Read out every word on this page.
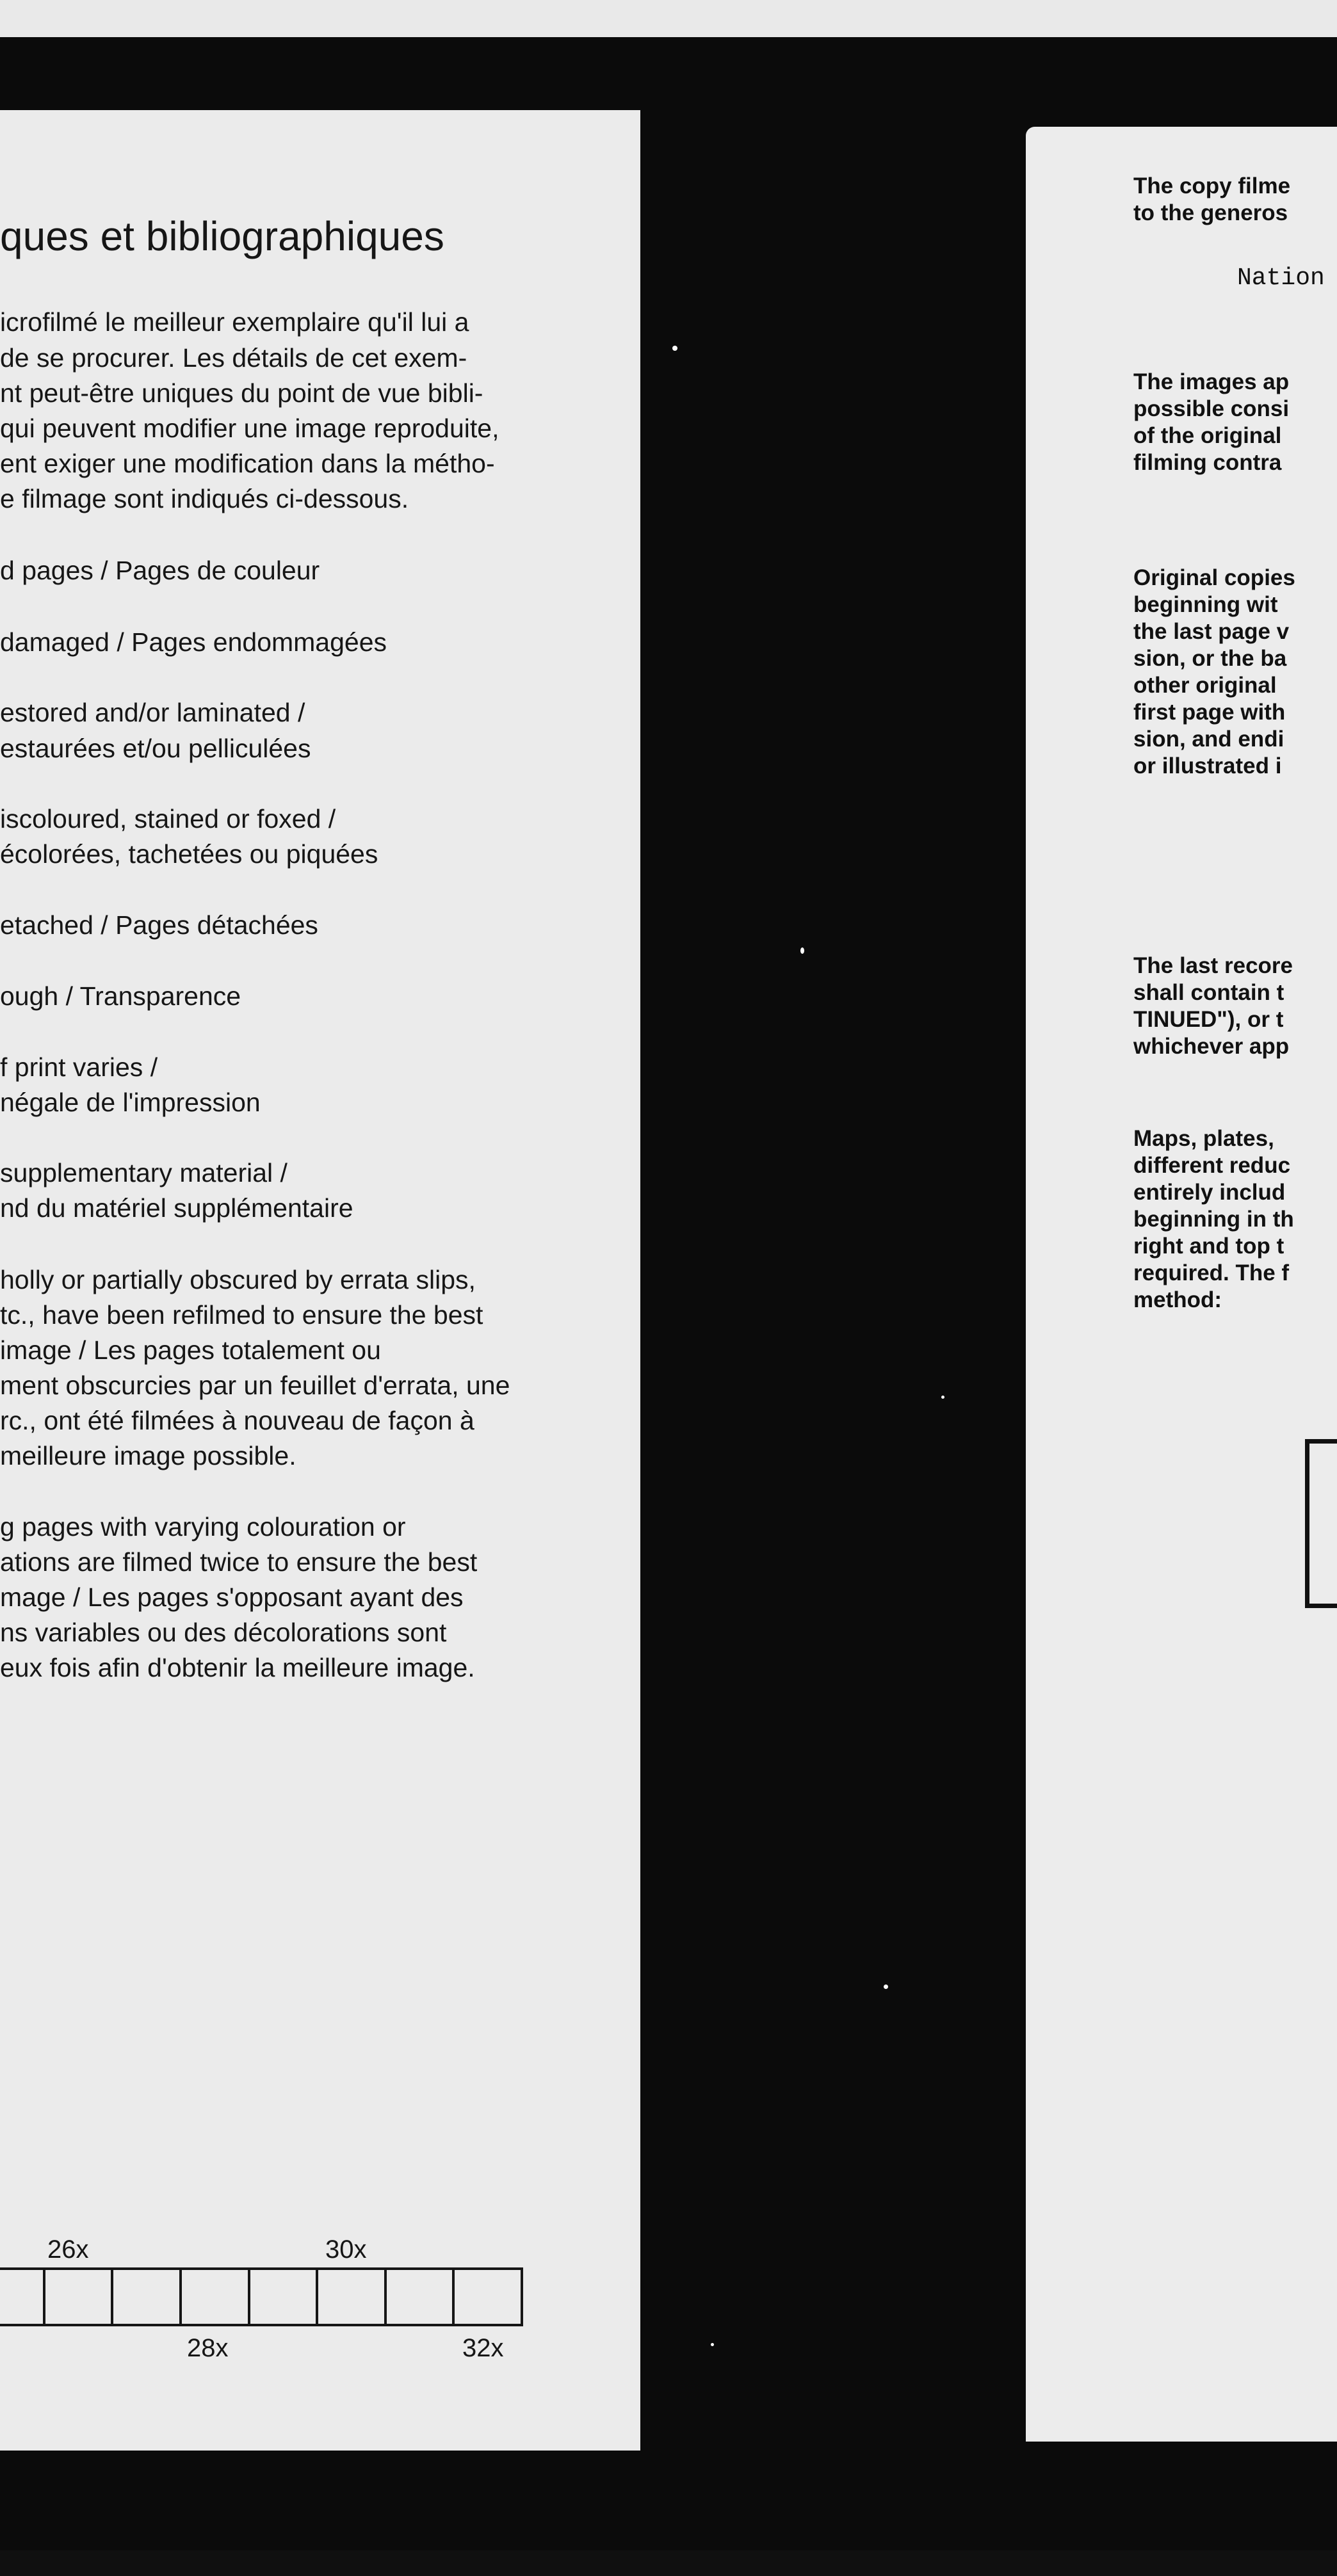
ques et bibliographiques
icrofilmé le meilleur exemplaire qu'il lui a
de se procurer. Les détails de cet exem-
nt peut-être uniques du point de vue bibli-
qui peuvent modifier une image reproduite,
ent exiger une modification dans la métho-
e filmage sont indiqués ci-dessous.
d pages / Pages de couleur
damaged / Pages endommagées
estored and/or laminated /
estaurées et/ou pelliculées
iscoloured, stained or foxed /
écolorées, tachetées ou piquées
etached / Pages détachées
ough / Transparence
f print varies /
négale de l'impression
supplementary material /
nd du matériel supplémentaire
holly or partially obscured by errata slips,
tc., have been refilmed to ensure the best
image / Les pages totalement ou
ment obscurcies par un feuillet d'errata, une
rc., ont été filmées à nouveau de façon à
meilleure image possible.
g pages with varying colouration or
ations are filmed twice to ensure the best
mage / Les pages s'opposant ayant des
ns variables ou des décolorations sont
eux fois afin d'obtenir la meilleure image.
26x	30x
28x	32x
The copy filme
to the generos
Nation
The images ap
possible consi
of the original
filming contra
Original copies
beginning wit
the last page v
sion, or the ba
other original
first page with
sion, and endi
or illustrated i
The last recore
shall contain t
TINUED"), or t
whichever app
Maps, plates,
different reduc
entirely includ
beginning in th
right and top t
required. The f
method:
